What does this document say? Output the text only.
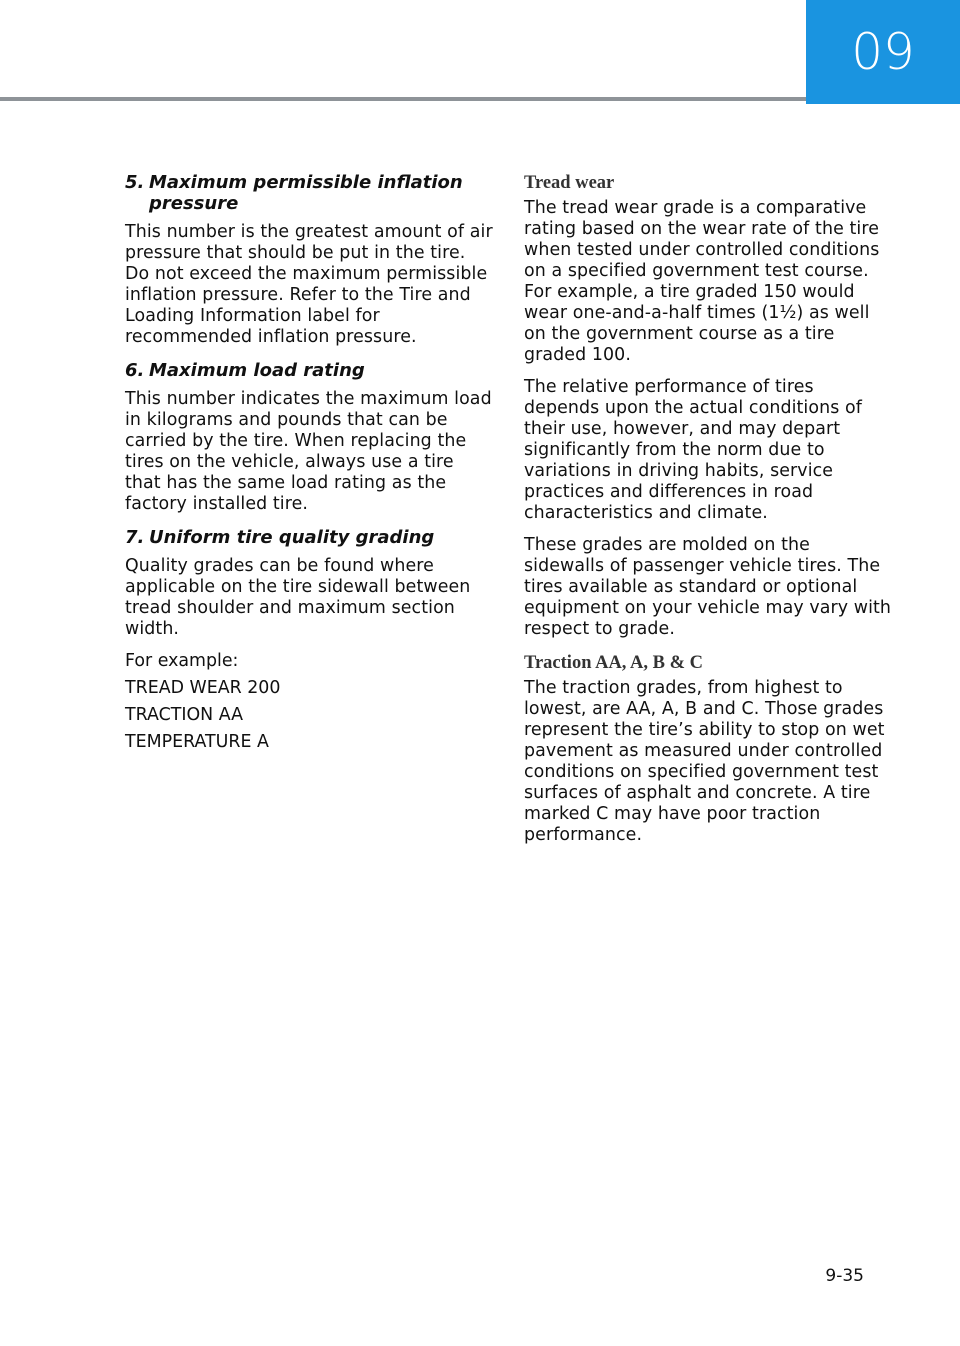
09
5. Maximum permissible inflation pressure

This number is the greatest amount of air pressure that should be put in the tire. Do not exceed the maximum permissible inflation pressure. Refer to the Tire and Loading Information label for recommended inflation pressure.

6. Maximum load rating

This number indicates the maximum load in kilograms and pounds that can be carried by the tire. When replacing the tires on the vehicle, always use a tire that has the same load rating as the factory installed tire.

7. Uniform tire quality grading

Quality grades can be found where applicable on the tire sidewall between tread shoulder and maximum section width.

For example:

TREAD WEAR 200

TRACTION AA

TEMPERATURE A

Tread wear

The tread wear grade is a comparative rating based on the wear rate of the tire when tested under controlled conditions on a specified government test course. For example, a tire graded 150 would wear one-and-a-half times (1½) as well on the government course as a tire graded 100.

The relative performance of tires depends upon the actual conditions of their use, however, and may depart significantly from the norm due to variations in driving habits, service practices and differences in road characteristics and climate.

These grades are molded on the sidewalls of passenger vehicle tires. The tires available as standard or optional equipment on your vehicle may vary with respect to grade.

Traction AA, A, B & C

The traction grades, from highest to lowest, are AA, A, B and C. Those grades represent the tire’s ability to stop on wet pavement as measured under controlled conditions on specified government test surfaces of asphalt and concrete. A tire marked C may have poor traction performance.

9-35
